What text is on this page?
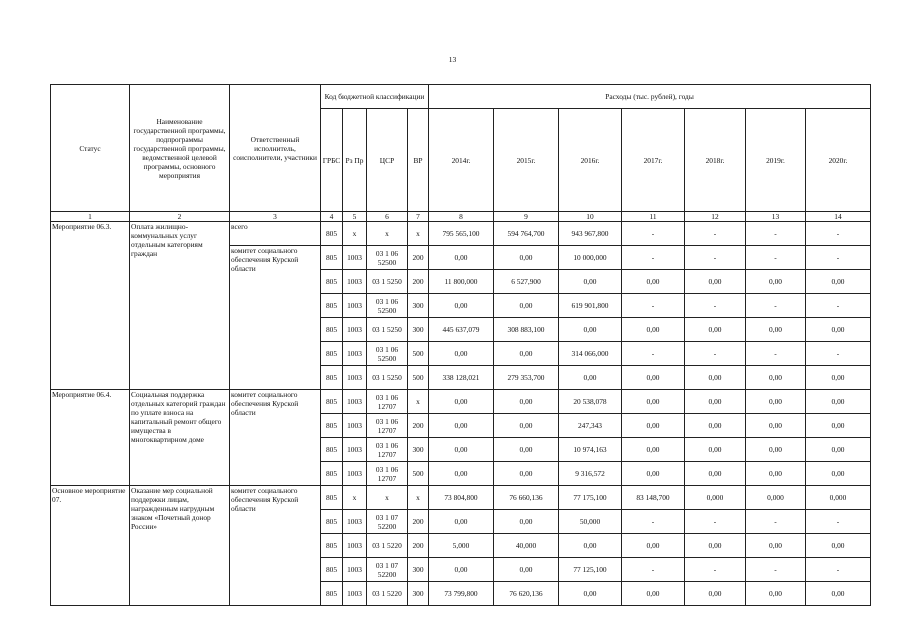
13
Статус	Наименование государственной программы, подпрограммы государственной программы, ведомственной целевой программы, основного мероприятия	Ответственный исполнитель, соисполнители, участники	Код бюджетной классификации				Расходы (тыс. рублей), годы						
			ГРБС	Рз Пр	ЦСР	ВР	2014г.	2015г.	2016г.	2017г.	2018г.	2019г.	2020г.
1	2	3	4	5	6	7	8	9	10	11	12	13	14
Мероприятие 06.3.	Оплата жилищно-коммунальных услуг отдельным категориям граждан	всего	805	x	x	x	795 565,100	594 764,700	943 967,800	-	-	-	-
		комитет социального обеспечения Курской области	805	1003	03 1 06 52500	200	0,00	0,00	10 000,000	-	-	-	-
			805	1003	03 1 5250	200	11 800,000	6 527,900	0,00	0,00	0,00	0,00	0,00
			805	1003	03 1 06 52500	300	0,00	0,00	619 901,800	-	-	-	-
			805	1003	03 1 5250	300	445 637,079	308 883,100	0,00	0,00	0,00	0,00	0,00
			805	1003	03 1 06 52500	500	0,00	0,00	314 066,000	-	-	-	-
			805	1003	03 1 5250	500	338 128,021	279 353,700	0,00	0,00	0,00	0,00	0,00
Мероприятие 06.4.	Социальная поддержка отдельных категорий граждан по уплате взноса на капитальный ремонт общего имущества в многоквартирном доме	комитет социального обеспечения Курской области	805	1003	03 1 06 12707	x	0,00	0,00	20 538,078	0,00	0,00	0,00	0,00
			805	1003	03 1 06 12707	200	0,00	0,00	247,343	0,00	0,00	0,00	0,00
			805	1003	03 1 06 12707	300	0,00	0,00	10 974,163	0,00	0,00	0,00	0,00
			805	1003	03 1 06 12707	500	0,00	0,00	9 316,572	0,00	0,00	0,00	0,00
Основное мероприятие 07.	Оказание мер социальной поддержки лицам, награжденным нагрудным знаком «Почетный донор России»	комитет социального обеспечения Курской области	805	x	x	x	73 804,800	76 660,136	77 175,100	83 148,700	0,000	0,000	0,000
			805	1003	03 1 07 52200	200	0,00	0,00	50,000	-	-	-	-
			805	1003	03 1 5220	200	5,000	40,000	0,00	0,00	0,00	0,00	0,00
			805	1003	03 1 07 52200	300	0,00	0,00	77 125,100	-	-	-	-
			805	1003	03 1 5220	300	73 799,800	76 620,136	0,00	0,00	0,00	0,00	0,00
